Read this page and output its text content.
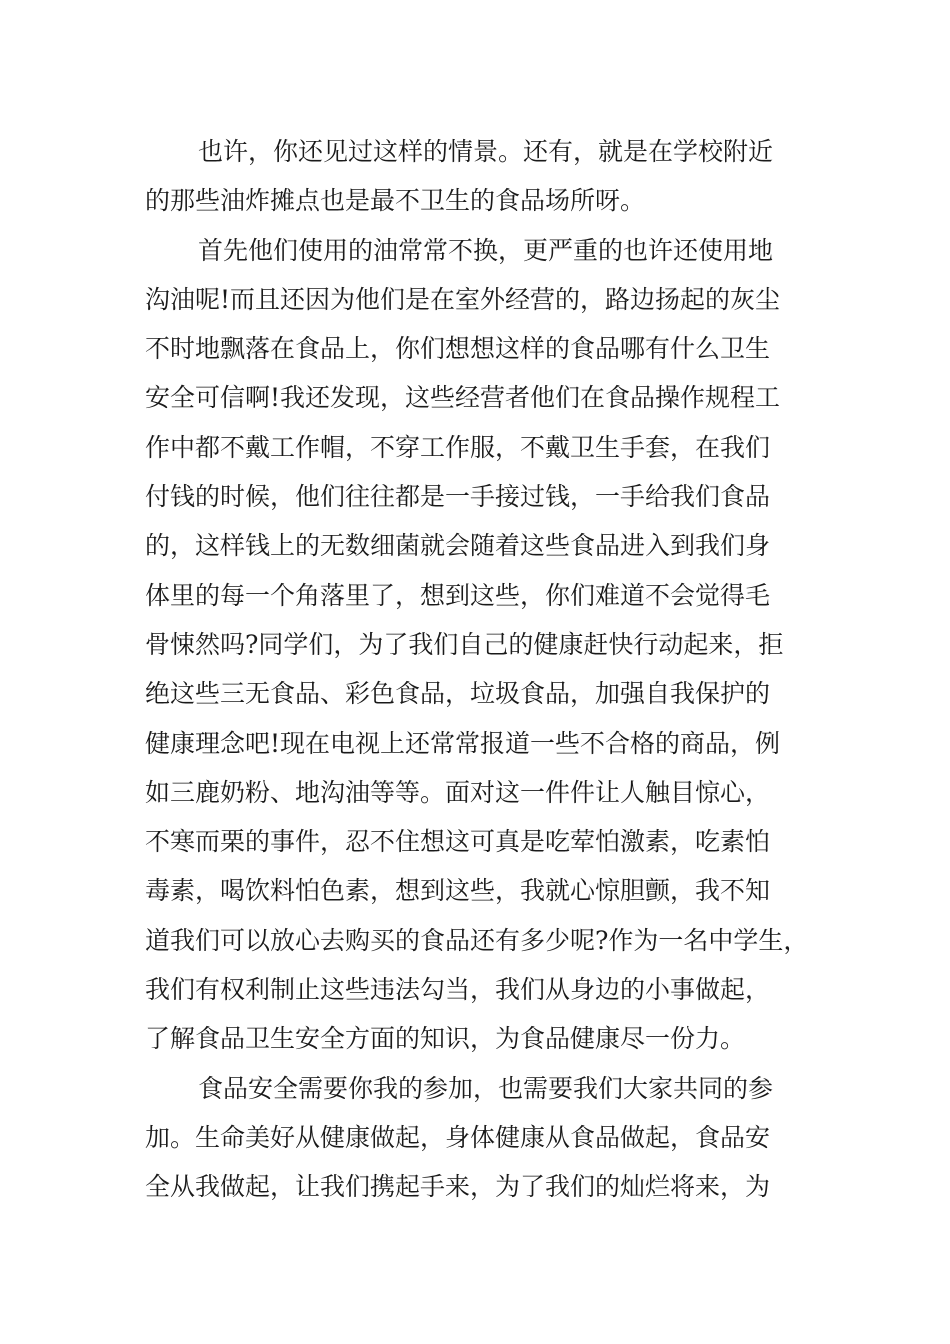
也许，你还见过这样的情景。还有，就是在学校附近
的那些油炸摊点也是最不卫生的食品场所呀。

首先他们使用的油常常不换，更严重的也许还使用地
沟油呢!而且还因为他们是在室外经营的，路边扬起的灰尘
不时地飘落在食品上，你们想想这样的食品哪有什么卫生
安全可信啊!我还发现，这些经营者他们在食品操作规程工
作中都不戴工作帽，不穿工作服，不戴卫生手套，在我们
付钱的时候，他们往往都是一手接过钱，一手给我们食品
的，这样钱上的无数细菌就会随着这些食品进入到我们身
体里的每一个角落里了，想到这些，你们难道不会觉得毛
骨悚然吗?同学们，为了我们自己的健康赶快行动起来，拒
绝这些三无食品、彩色食品，垃圾食品，加强自我保护的
健康理念吧!现在电视上还常常报道一些不合格的商品，例
如三鹿奶粉、地沟油等等。面对这一件件让人触目惊心，
不寒而栗的事件，忍不住想这可真是吃荤怕激素，吃素怕
毒素，喝饮料怕色素，想到这些，我就心惊胆颤，我不知
道我们可以放心去购买的食品还有多少呢?作为一名中学生，
我们有权利制止这些违法勾当，我们从身边的小事做起，
了解食品卫生安全方面的知识，为食品健康尽一份力。

食品安全需要你我的参加，也需要我们大家共同的参
加。生命美好从健康做起，身体健康从食品做起，食品安
全从我做起，让我们携起手来，为了我们的灿烂将来，为
